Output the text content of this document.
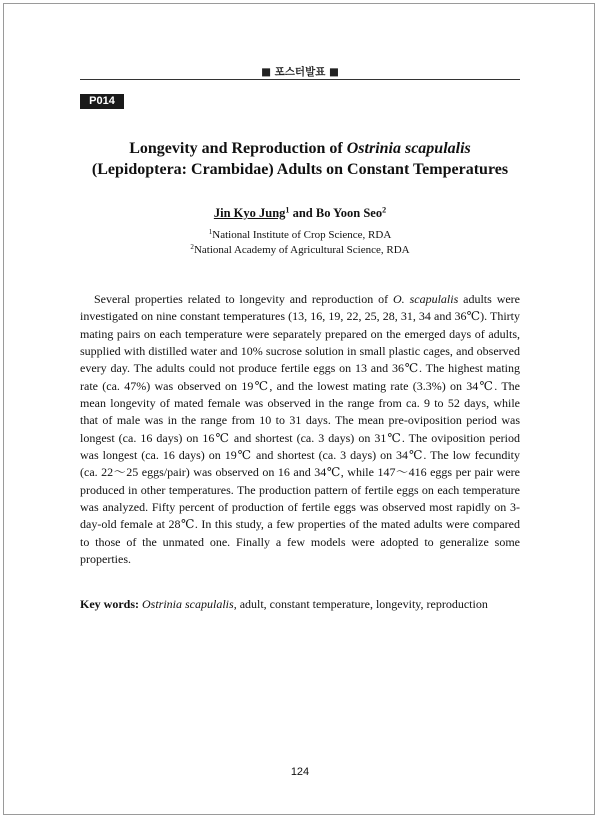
■ 포스터발표 ■
P014
Longevity and Reproduction of Ostrinia scapulalis
(Lepidoptera: Crambidae) Adults on Constant Temperatures
Jin Kyo Jung$^1$ and Bo Yoon Seo$^2$
$^1$National Institute of Crop Science, RDA
$^2$National Academy of Agricultural Science, RDA

Several properties related to longevity and reproduction of O. scapulalis adults were investigated on nine constant temperatures (13, 16, 19, 22, 25, 28, 31, 34 and 36℃). Thirty mating pairs on each temperature were separately prepared on the emerged days of adults, supplied with distilled water and 10% sucrose solution in small plastic cages, and observed every day. The adults could not produce fertile eggs on 13 and 36℃. The highest mating rate (ca. 47%) was observed on 19℃, and the lowest mating rate (3.3%) on 34℃. The mean longevity of mated female was observed in the range from ca. 9 to 52 days, while that of male was in the range from 10 to 31 days. The mean pre-oviposition period was longest (ca. 16 days) on 16℃ and shortest (ca. 3 days) on 31℃. The oviposition period was longest (ca. 16 days) on 19℃ and shortest (ca. 3 days) on 34℃. The low fecundity (ca. 22～25 eggs/pair) was observed on 16 and 34℃, while 147～416 eggs per pair were produced in other temperatures. The production pattern of fertile eggs on each temperature was analyzed. Fifty percent of production of fertile eggs was observed most rapidly on 3-day-old female at 28℃. In this study, a few properties of the mated adults were compared to those of the unmated one. Finally a few models were adopted to generalize some properties.

Key words: Ostrinia scapulalis, adult, constant temperature, longevity, reproduction
124
